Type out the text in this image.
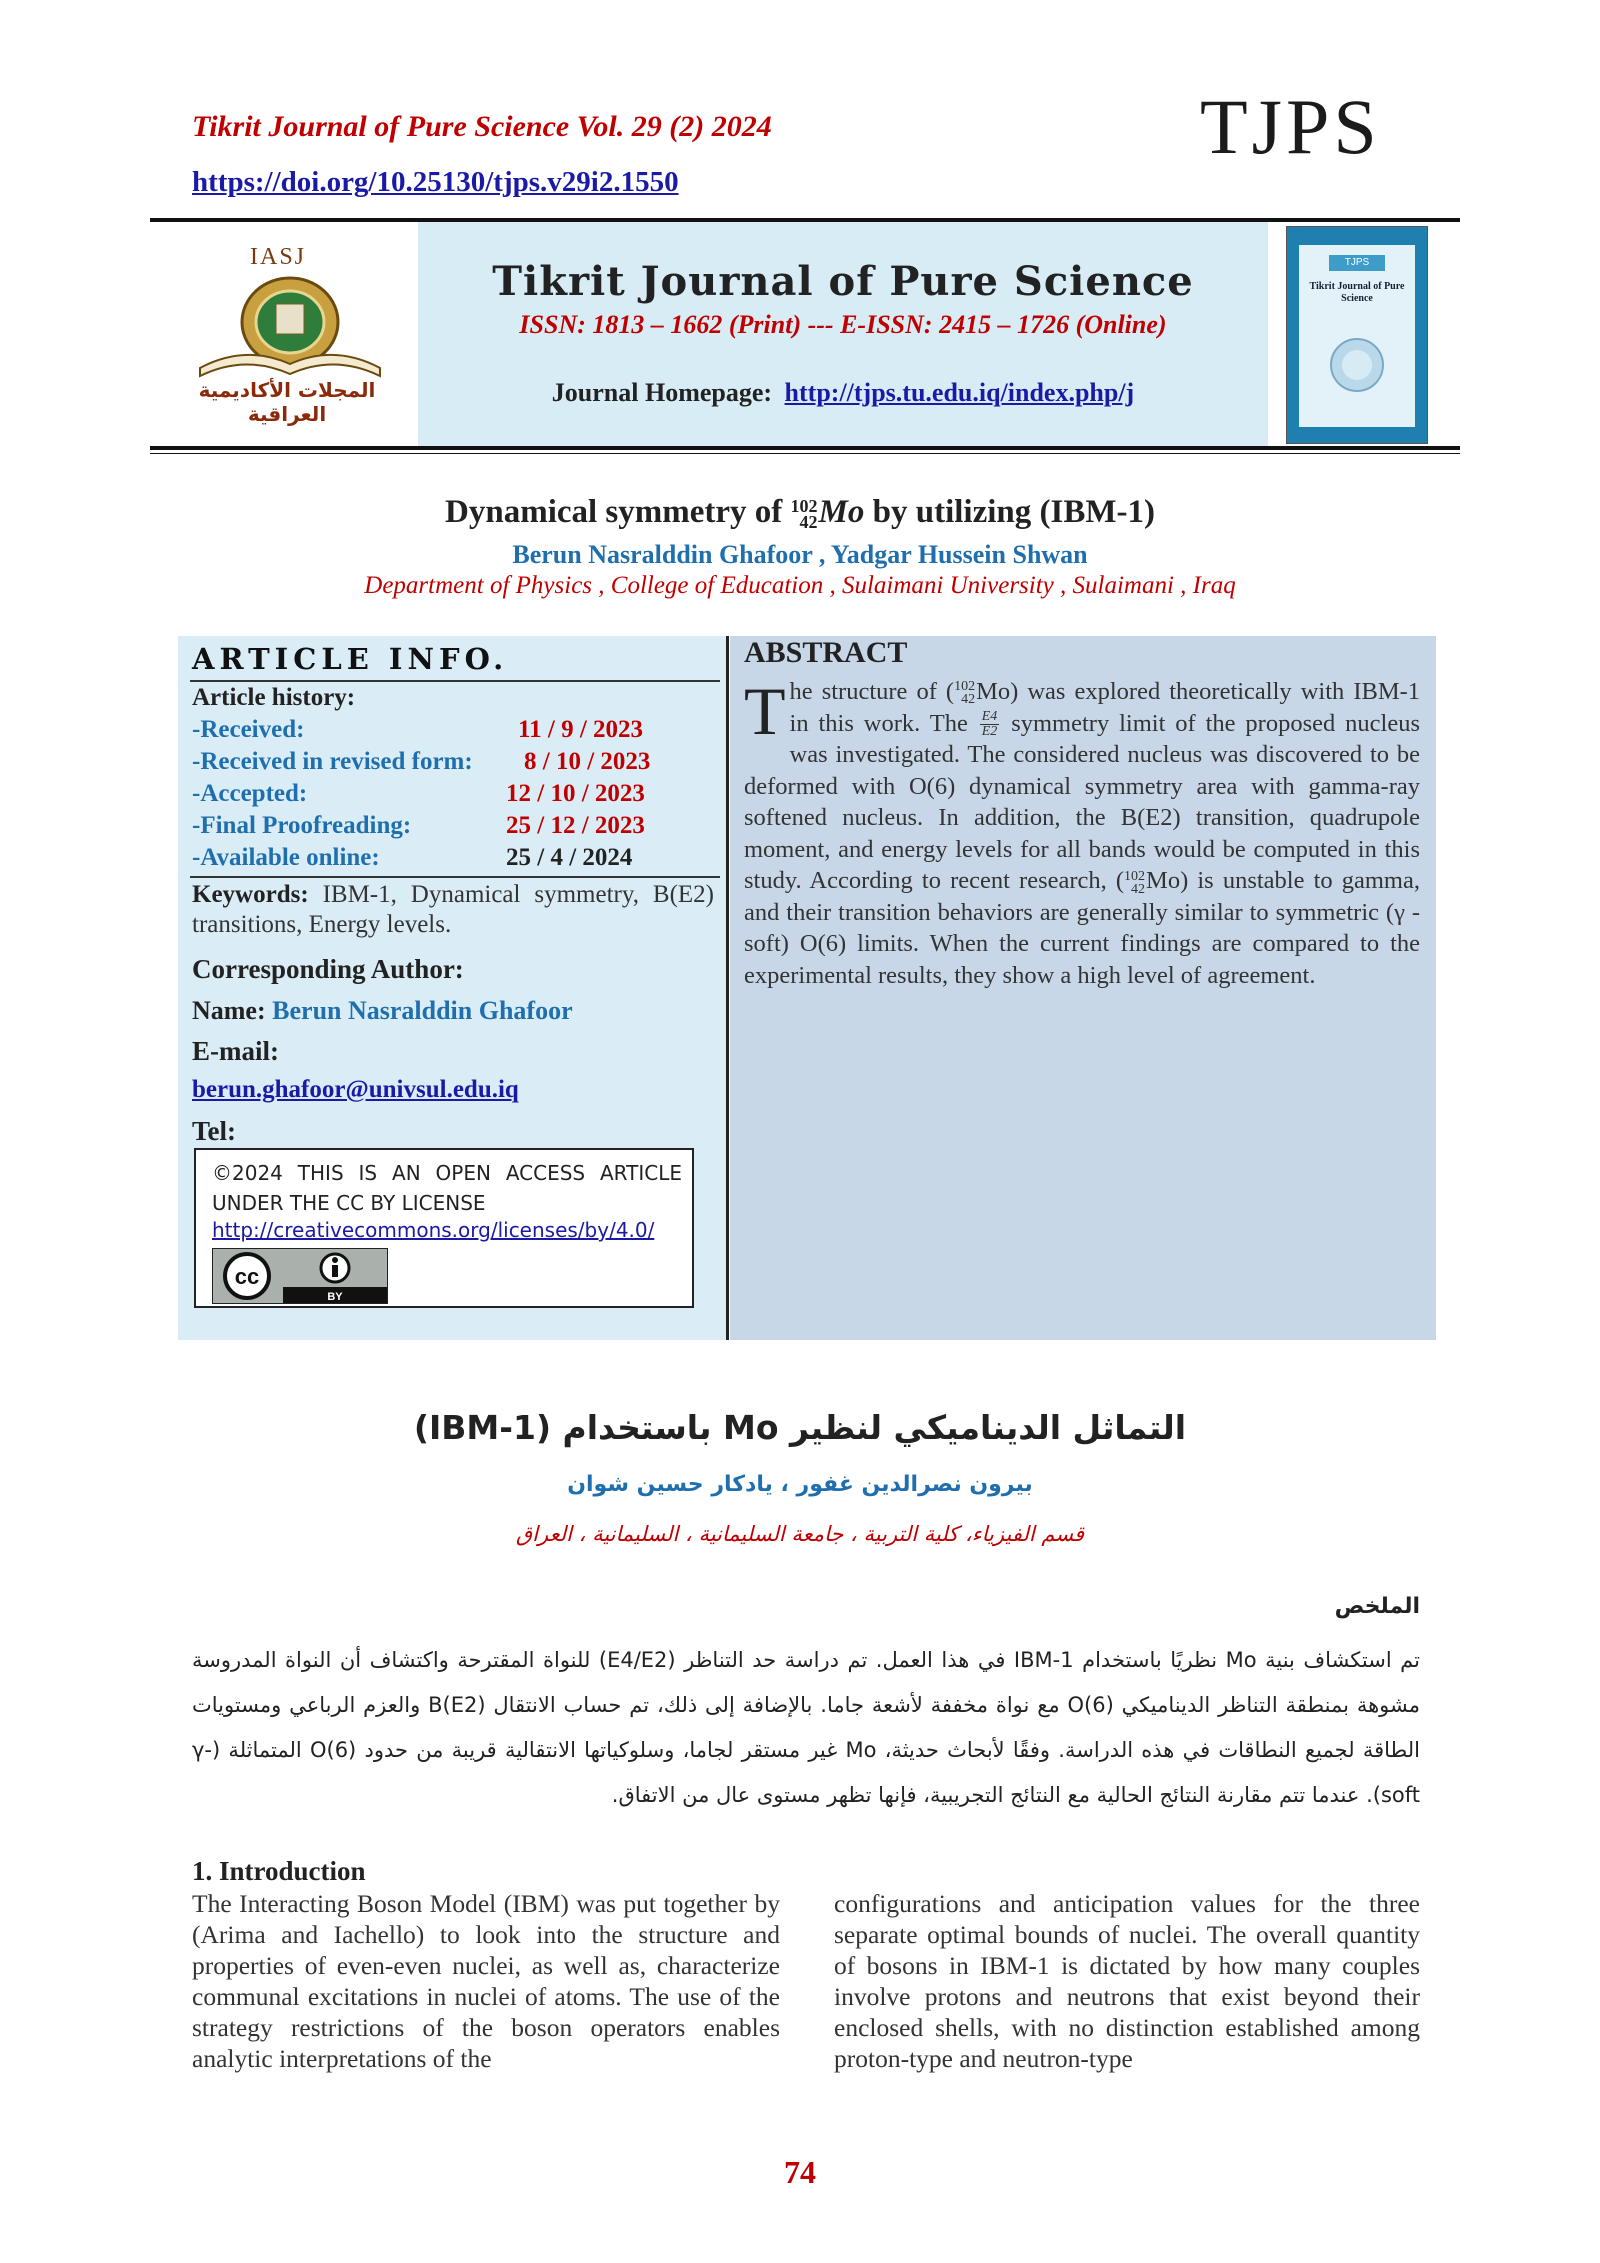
Tikrit Journal of Pure Science Vol. 29 (2) 2024
https://doi.org/10.25130/tjps.v29i2.1550
TJPS
IASJ
المجلات الأكاديمية العراقية
Tikrit Journal of Pure Science
ISSN: 1813 – 1662 (Print) --- E-ISSN: 2415 – 1726 (Online)
Journal Homepage: http://tjps.tu.edu.iq/index.php/j
TJPS
Tikrit Journal of Pure Science
Dynamical symmetry of 102
42Mo by utilizing (IBM-1)
Berun Nasralddin Ghafoor , Yadgar Hussein Shwan
Department of Physics , College of Education , Sulaimani University , Sulaimani , Iraq
ARTICLE INFO.
Article history:
-Received:	11 / 9 / 2023
-Received in revised form: 8 / 10 / 2023
-Accepted:	12 / 10 / 2023
-Final Proofreading:	25 / 12 / 2023
-Available online:	25 / 4 / 2024
Keywords: IBM-1, Dynamical symmetry, B(E2) transitions, Energy levels.
Corresponding Author:
Name: Berun Nasralddin Ghafoor
E-mail:
berun.ghafoor@univsul.edu.iq
Tel:
©2024 THIS IS AN OPEN ACCESS ARTICLE UNDER THE CC BY LICENSE
http://creativecommons.org/licenses/by/4.0/
cc
BY
ABSTRACT
The structure of (102
42Mo) was explored theoretically with IBM-1 in this work. The $\frac{E4}{E2}$ symmetry limit of the proposed nucleus was investigated. The considered nucleus was discovered to be deformed with O(6) dynamical symmetry area with gamma-ray softened nucleus. In addition, the B(E2) transition, quadrupole moment, and energy levels for all bands would be computed in this study. According to recent research, (102
42Mo) is unstable to gamma, and their transition behaviors are generally similar to symmetric (γ -soft) O(6) limits. When the current findings are compared to the experimental results, they show a high level of agreement.
التماثل الديناميكي لنظير Mo باستخدام (IBM-1)
بيرون نصرالدين غفور ، يادكار حسين شوان
قسم الفيزياء، كلية التربية ، جامعة السليمانية ، السليمانية ، العراق
الملخص
تم استكشاف بنية Mo نظريًا باستخدام IBM-1 في هذا العمل. تم دراسة حد التناظر (E4/E2) للنواة المقترحة واكتشاف أن النواة المدروسة مشوهة بمنطقة التناظر الديناميكي O(6) مع نواة مخففة لأشعة جاما. بالإضافة إلى ذلك، تم حساب الانتقال B(E2) والعزم الرباعي ومستويات الطاقة لجميع النطاقات في هذه الدراسة. وفقًا لأبحاث حديثة، Mo غير مستقر لجاما، وسلوكياتها الانتقالية قريبة من حدود O(6) المتماثلة (γ-soft). عندما تتم مقارنة النتائج الحالية مع النتائج التجريبية، فإنها تظهر مستوى عال من الاتفاق.
1. Introduction
The Interacting Boson Model (IBM) was put together by (Arima and Iachello) to look into the structure and properties of even-even nuclei, as well as, characterize communal excitations in nuclei of atoms. The use of the strategy restrictions of the boson operators enables analytic interpretations of the
configurations and anticipation values for the three separate optimal bounds of nuclei. The overall quantity of bosons in IBM-1 is dictated by how many couples involve protons and neutrons that exist beyond their enclosed shells, with no distinction established among proton-type and neutron-type
74
